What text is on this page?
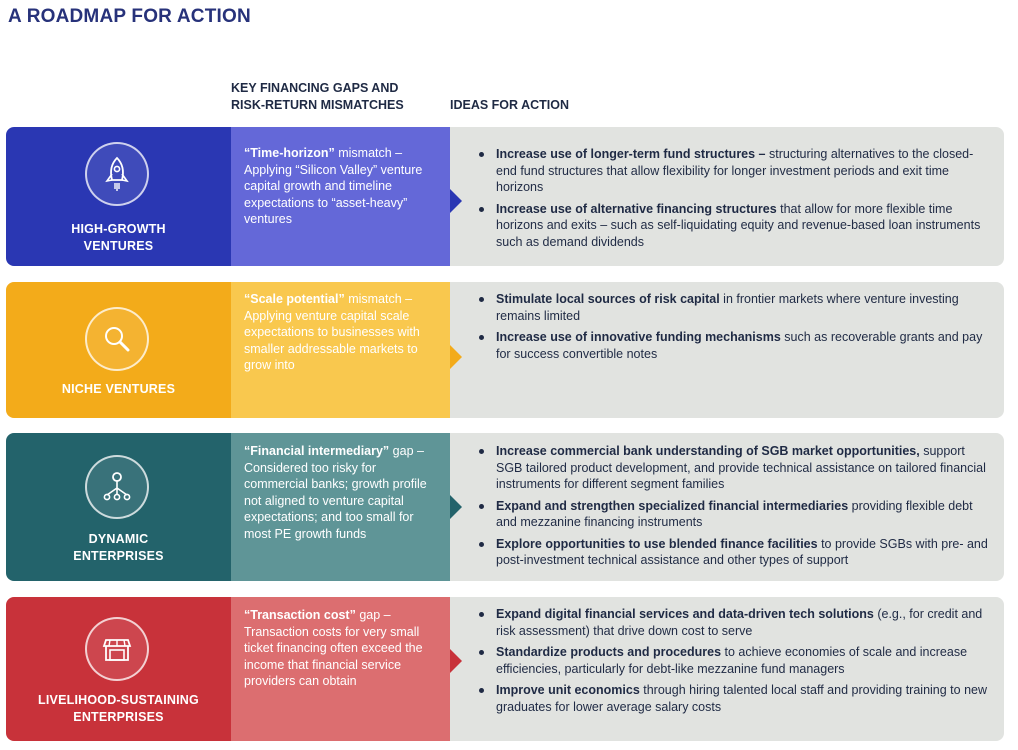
A ROADMAP FOR ACTION
KEY FINANCING GAPS AND
RISK-RETURN MISMATCHES	IDEAS FOR ACTION
HIGH-GROWTH
VENTURES
“Time-horizon” mismatch – Applying “Silicon Valley” venture capital growth and timeline expectations to “asset-heavy” ventures
Increase use of longer-term fund structures – structuring alternatives to the closed-end fund structures that allow flexibility for longer investment periods and exit time horizons
Increase use of alternative financing structures that allow for more flexible time horizons and exits – such as self-liquidating equity and revenue-based loan instruments such as demand dividends
NICHE VENTURES
“Scale potential” mismatch – Applying venture capital scale expectations to businesses with smaller addressable markets to grow into
Stimulate local sources of risk capital in frontier markets where venture investing remains limited
Increase use of innovative funding mechanisms such as recoverable grants and pay for success convertible notes
DYNAMIC
ENTERPRISES
“Financial intermediary” gap – Considered too risky for commercial banks; growth profile not aligned to venture capital expectations; and too small for most PE growth funds
Increase commercial bank understanding of SGB market opportunities, support SGB tailored product development, and provide technical assistance on tailored financial instruments for different segment families
Expand and strengthen specialized financial intermediaries providing flexible debt and mezzanine financing instruments
Explore opportunities to use blended finance facilities to provide SGBs with pre- and post-investment technical assistance and other types of support
LIVELIHOOD-SUSTAINING
ENTERPRISES
“Transaction cost” gap – Transaction costs for very small ticket financing often exceed the income that financial service providers can obtain
Expand digital financial services and data-driven tech solutions (e.g., for credit and risk assessment) that drive down cost to serve
Standardize products and procedures to achieve economies of scale and increase efficiencies, particularly for debt-like mezzanine fund managers
Improve unit economics through hiring talented local staff and providing training to new graduates for lower average salary costs
